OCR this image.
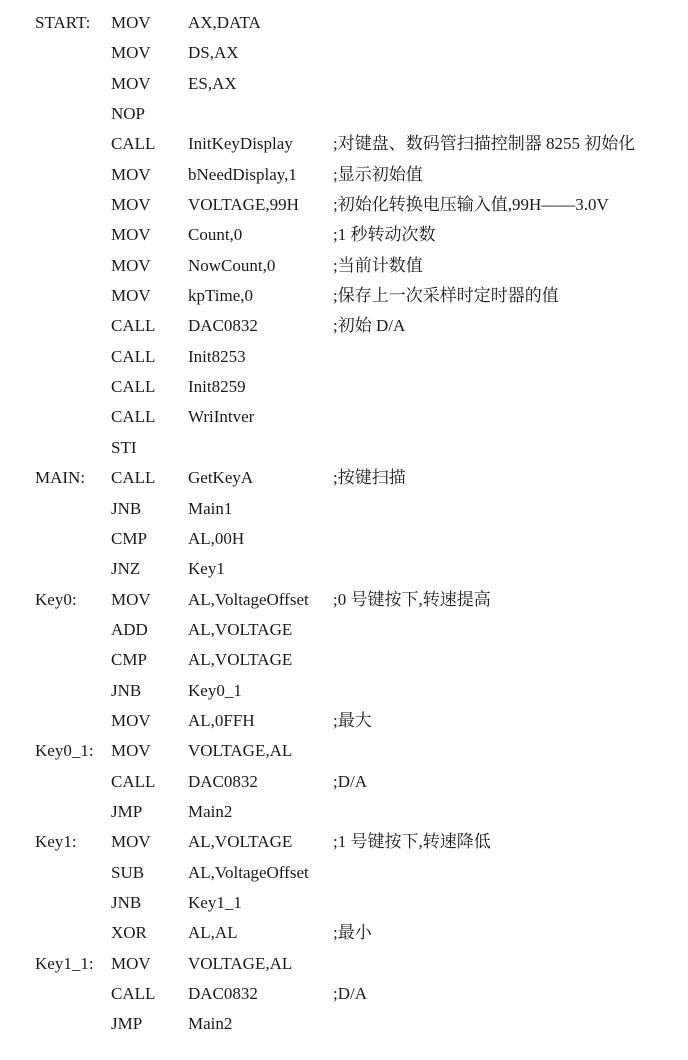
START: MOV AX,DATA
MOV DS,AX
MOV ES,AX
NOP
CALL InitKeyDisplay ;对键盘、数码管扫描控制器 8255 初始化
MOV bNeedDisplay,1 ;显示初始值
MOV VOLTAGE,99H ;初始化转换电压输入值,99H——3.0V
MOV Count,0	;1 秒转动次数
MOV NowCount,0	;当前计数值
MOV kpTime,0	;保存上一次采样时定时器的值
CALL DAC0832	;初始 D/A
CALL Init8253
CALL Init8259
CALL WriIntver
STI
MAIN: CALL GetKeyA	;按键扫描
JNB	Main1
CMP AL,00H
JNZ	Key1
Key0: MOV AL,VoltageOffset ;0 号键按下,转速提高
ADD AL,VOLTAGE
CMP AL,VOLTAGE
JNB	Key0_1
MOV AL,0FFH	;最大
Key0_1: MOV VOLTAGE,AL
CALL DAC0832	;D/A
JMP	Main2
Key1: MOV AL,VOLTAGE ;1 号键按下,转速降低
SUB	AL,VoltageOffset
JNB	Key1_1
XOR AL,AL	;最小
Key1_1: MOV VOLTAGE,AL
CALL DAC0832	;D/A
JMP	Main2
